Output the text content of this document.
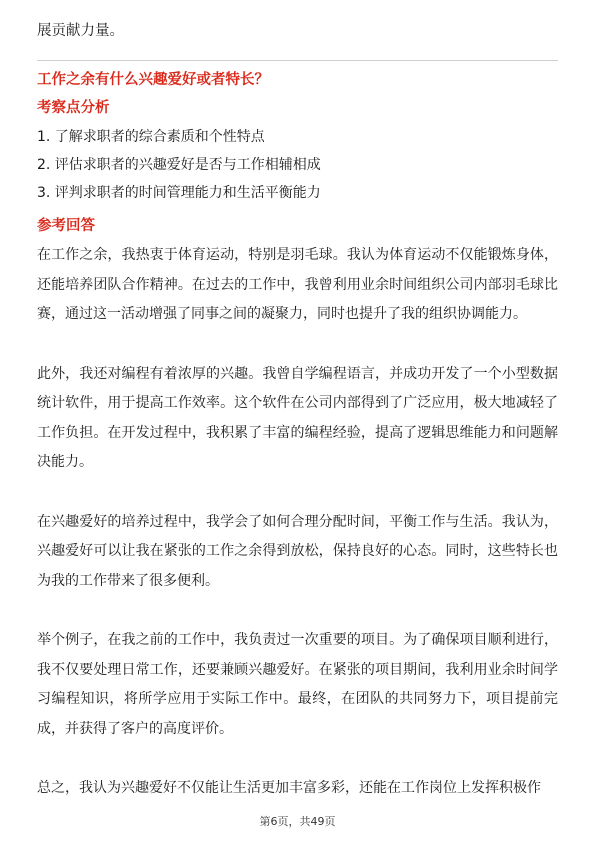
展贡献力量。
工作之余有什么兴趣爱好或者特长？
考察点分析
1. 了解求职者的综合素质和个性特点
2. 评估求职者的兴趣爱好是否与工作相辅相成
3. 评判求职者的时间管理能力和生活平衡能力
参考回答

在工作之余，我热衷于体育运动，特别是羽毛球。我认为体育运动不仅能锻炼身体，还能培养团队合作精神。在过去的工作中，我曾利用业余时间组织公司内部羽毛球比赛，通过这一活动增强了同事之间的凝聚力，同时也提升了我的组织协调能力。

此外，我还对编程有着浓厚的兴趣。我曾自学编程语言，并成功开发了一个小型数据统计软件，用于提高工作效率。这个软件在公司内部得到了广泛应用，极大地减轻了工作负担。在开发过程中，我积累了丰富的编程经验，提高了逻辑思维能力和问题解决能力。

在兴趣爱好的培养过程中，我学会了如何合理分配时间，平衡工作与生活。我认为，兴趣爱好可以让我在紧张的工作之余得到放松，保持良好的心态。同时，这些特长也为我的工作带来了很多便利。

举个例子，在我之前的工作中，我负责过一次重要的项目。为了确保项目顺利进行，我不仅要处理日常工作，还要兼顾兴趣爱好。在紧张的项目期间，我利用业余时间学习编程知识，将所学应用于实际工作中。最终，在团队的共同努力下，项目提前完成，并获得了客户的高度评价。

总之，我认为兴趣爱好不仅能让生活更加丰富多彩，还能在工作岗位上发挥积极作

第6页，共49页
